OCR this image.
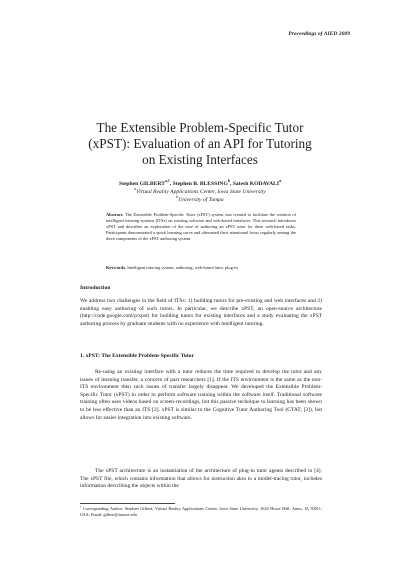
Proceedings of AIED 2009
The Extensible Problem-Specific Tutor
(xPST): Evaluation of an API for Tutoring
on Existing Interfaces
Stephen GILBERT$^{a,1}$, Stephen B. BLESSING$^b$, Satesh KODAVALI$^a$
$^a$Virtual Reality Applications Center, Iowa State University
$^b$University of Tampa
Abstract. The Extensible Problem-Specific Tutor (xPST) system was created to facilitate the creation of intelligent tutoring systems (ITSs) on existing software and web-based interfaces. This research introduces xPST and describes an exploration of the ease of authoring an xPST tutor for three web-based tasks. Participants demonstrated a quick learning curve and alternated their attentional focus regularly among the three components of the xPST authoring system.
Keywords. Intelligent tutoring system, authoring, web-based tutor, plug-in
Introduction
We address two challenges in the field of ITSs: 1) building tutors for pre-existing and web interfaces and 2) enabling easy authoring of such tutors. In particular, we describe xPST, an open-source architecture (http://code.google.com/p/xpst) for building tutors for existing interfaces and a study evaluating the xPST authoring process by graduate students with no experience with intelligent tutoring.
1. xPST: The Extensible Problem-Specific Tutor
Re-using an existing interface with a tutor reduces the time required to develop the tutor and any issues of learning transfer, a concern of past researchers [1]. If the ITS environment is the same as the non-ITS environment then such issues of transfer largely disappear. We developed the Extensible Problem-Specific Tutor (xPST) in order to perform software training within the software itself. Traditional software training often uses videos based on screen-recordings, but this passive technique to learning has been shown to be less effective than an ITS [2]. xPST is similar to the Cognitive Tutor Authoring Tool (CTAT; [3]), but allows for easier integration into existing software.
The xPST architecture is an instantiation of the architecture of plug-in tutor agents described in [4]. The xPST file, which contains information that allows for instruction akin to a model-tracing tutor, includes information describing the objects within the
$^1$ Corresponding Author: Stephen Gilbert, Virtual Reality Applications Center, Iowa State University, 1620 Howe Hall, Ames, IA 50011, USA; Email: gilbert@iastate.edu
